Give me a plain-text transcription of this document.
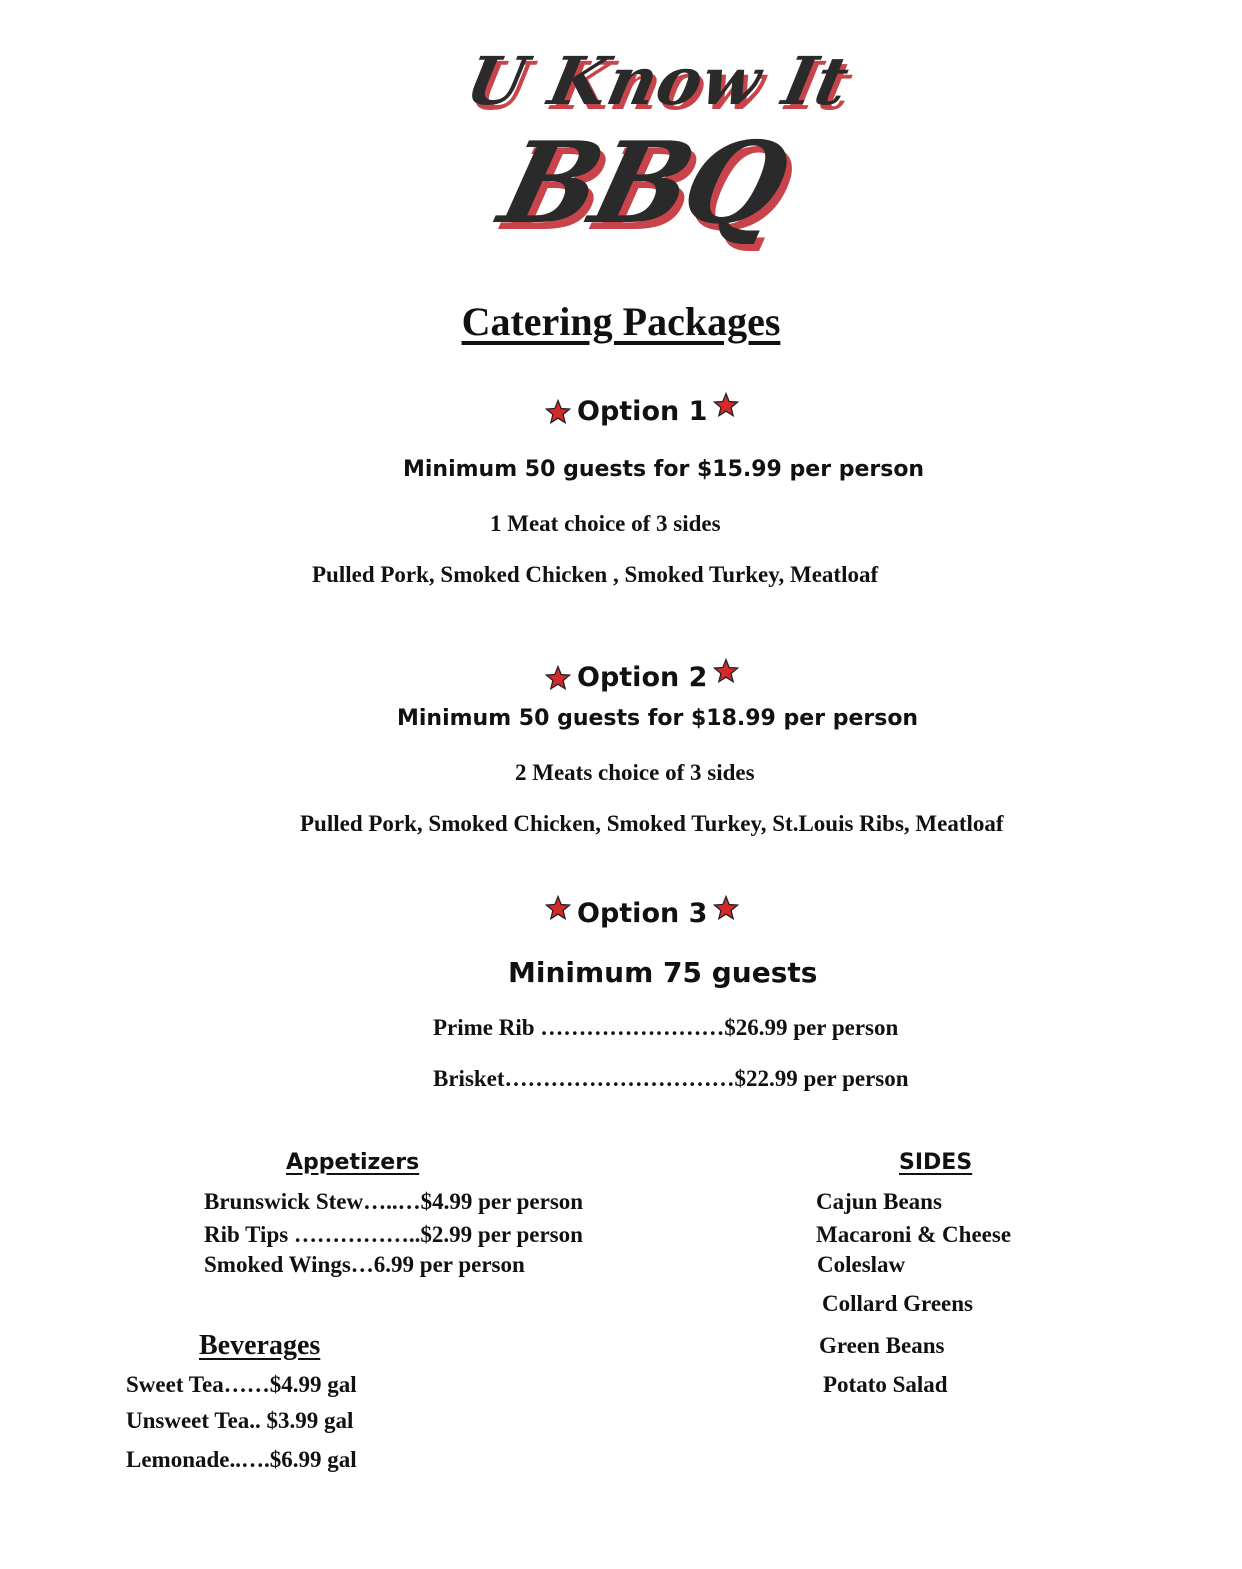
U Know It
BBQ
Catering Packages
Option 1
Minimum 50 guests for $15.99 per person
1 Meat choice of 3 sides
Pulled Pork, Smoked Chicken , Smoked Turkey, Meatloaf
Option 2
Minimum 50 guests for $18.99 per person
2 Meats choice of 3 sides
Pulled Pork, Smoked Chicken, Smoked Turkey, St.Louis Ribs, Meatloaf
Option 3
Minimum 75 guests
Prime Rib ……………………$26.99 per person
Brisket…………………………$22.99 per person
Appetizers
Brunswick Stew…..…$4.99 per person
Rib Tips ……………..$2.99 per person
Smoked Wings…6.99 per person
SIDES
Cajun Beans
Macaroni & Cheese
Coleslaw
Collard Greens
Green Beans
Potato Salad
Beverages
Sweet Tea……$4.99 gal
Unsweet Tea.. $3.99 gal
Lemonade..….$6.99 gal
